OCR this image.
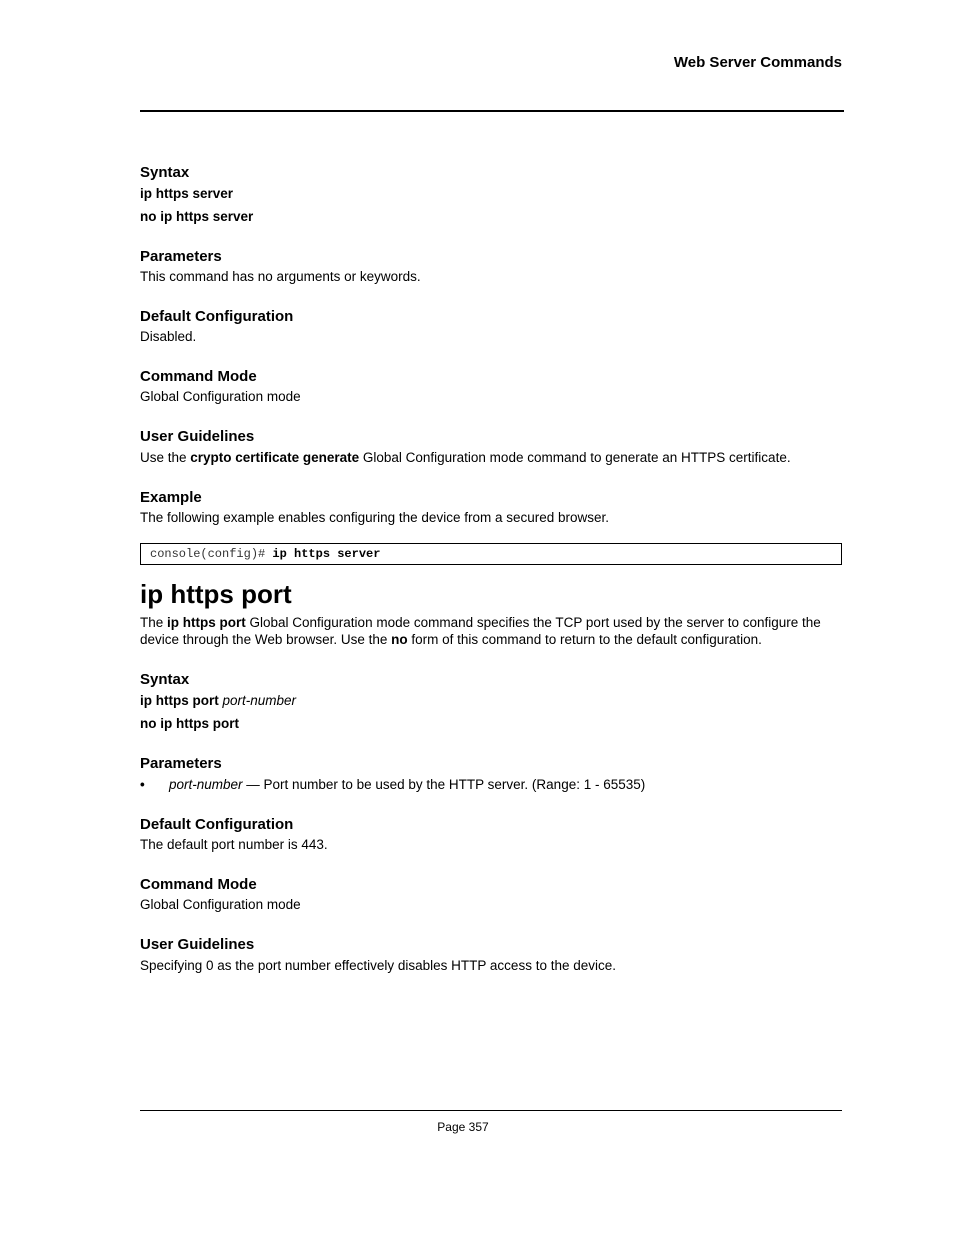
Web Server Commands

Syntax

ip https server

no ip https server

Parameters

This command has no arguments or keywords.

Default Configuration

Disabled.

Command Mode

Global Configuration mode

User Guidelines

Use the crypto certificate generate Global Configuration mode command to generate an HTTPS certificate.

Example

The following example enables configuring the device from a secured browser.

console(config)# ip https server
ip https port

The ip https port Global Configuration mode command specifies the TCP port used by the server to configure the device through the Web browser. Use the no form of this command to return to the default configuration.

Syntax

ip https port port-number

no ip https port

Parameters

•	port-number — Port number to be used by the HTTP server. (Range: 1 - 65535)

Default Configuration

The default port number is 443.

Command Mode

Global Configuration mode

User Guidelines

Specifying 0 as the port number effectively disables HTTP access to the device.

Page 357
